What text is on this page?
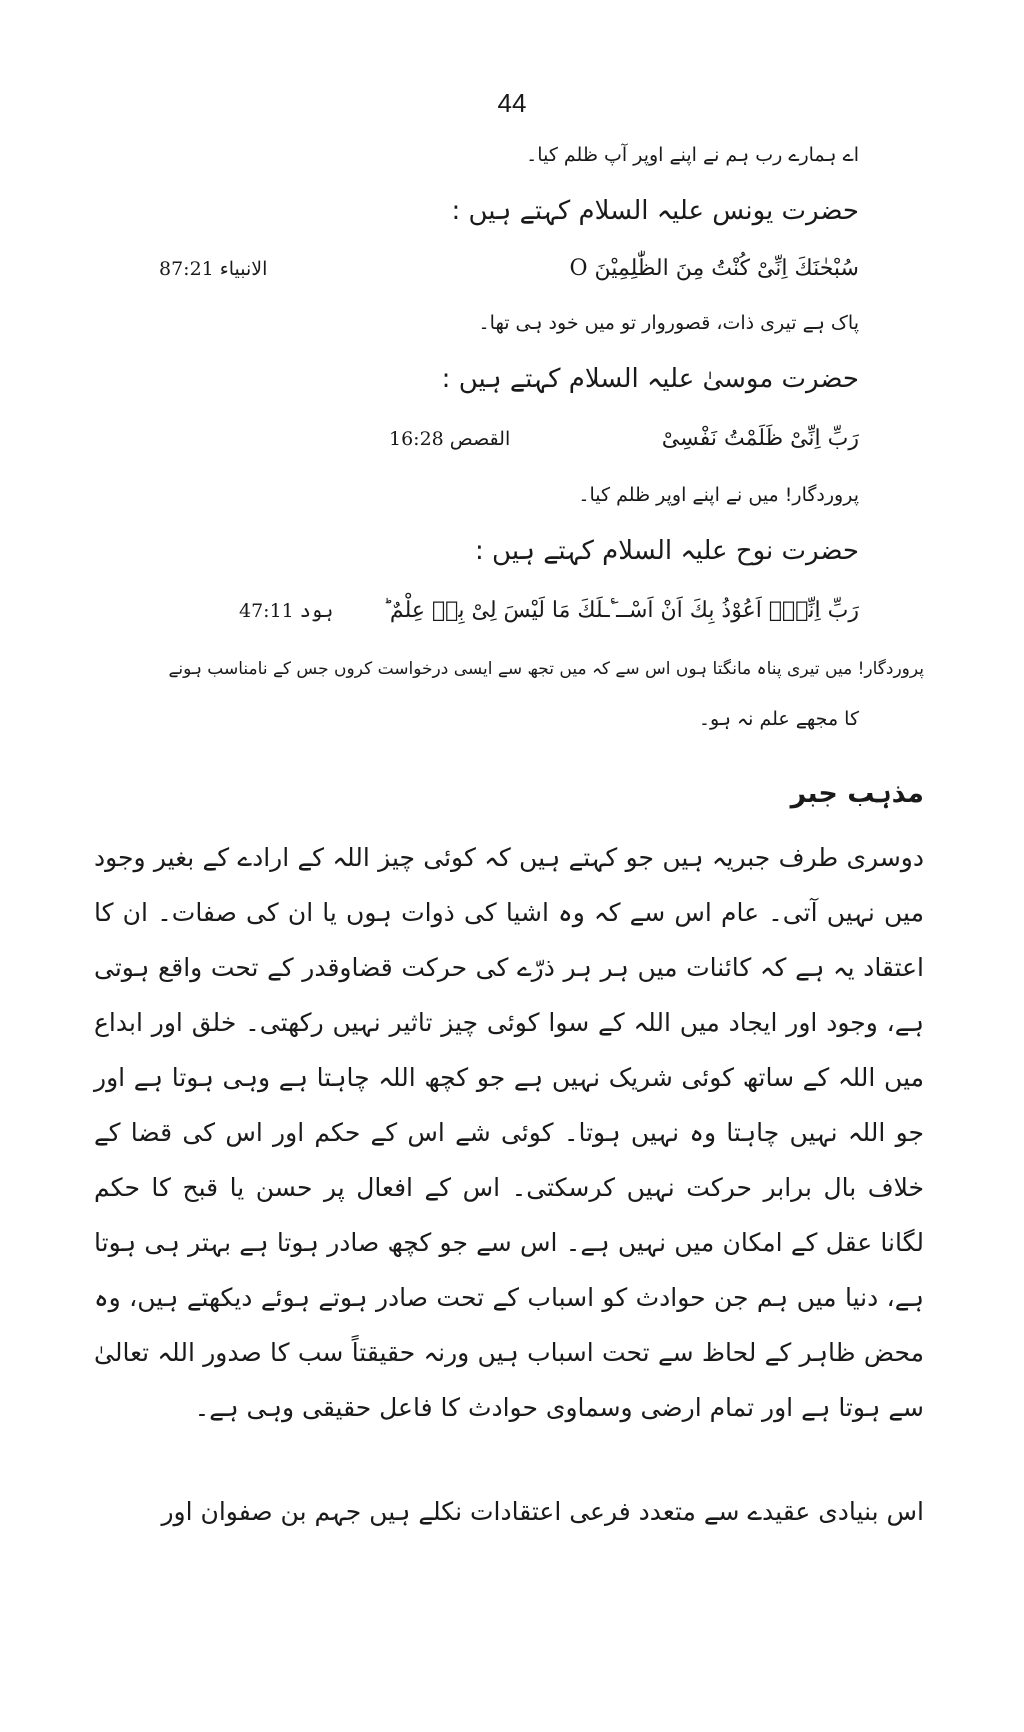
44
اے ہمارے رب ہم نے اپنے اوپر آپ ظلم کیا۔
حضرت یونس علیہ السلام کہتے ہیں :
سُبْحٰنَكَ اِنِّیْ كُنْتُ مِنَ الظّٰلِمِیْنَ O
الانبیاء 87:21
پاک ہے تیری ذات، قصوروار تو میں خود ہی تھا۔
حضرت موسیٰ علیہ السلام کہتے ہیں :
رَبِّ اِنِّیْ ظَلَمْتُ نَفْسِیْ
القصص 16:28
پروردگار! میں نے اپنے اوپر ظلم کیا۔
حضرت نوح علیہ السلام کہتے ہیں :
رَبِّ اِنِّیْۤ اَعُوْذُ بِكَ اَنْ اَسْــٴَـلَكَ مَا لَیْسَ لِیْ بِهٖ عِلْمٌ ؕ
ہود 47:11
پروردگار! میں تیری پناہ مانگتا ہوں اس سے کہ میں تجھ سے ایسی درخواست کروں جس کے نامناسب ہونے
کا مجھے علم نہ ہو۔
مذہب جبر
دوسری طرف جبریہ ہیں جو کہتے ہیں کہ کوئی چیز اللہ کے ارادے کے بغیر وجود میں نہیں آتی۔ عام اس سے کہ وہ اشیا کی ذوات ہوں یا ان کی صفات۔ ان کا اعتقاد یہ ہے کہ کائنات میں ہر ہر ذرّے کی حرکت قضاوقدر کے تحت واقع ہوتی ہے، وجود اور ایجاد میں اللہ کے سوا کوئی چیز تاثیر نہیں رکھتی۔ خلق اور ابداع میں اللہ کے ساتھ کوئی شریک نہیں ہے جو کچھ اللہ چاہتا ہے وہی ہوتا ہے اور جو اللہ نہیں چاہتا وہ نہیں ہوتا۔ کوئی شے اس کے حکم اور اس کی قضا کے خلاف بال برابر حرکت نہیں کرسکتی۔ اس کے افعال پر حسن یا قبح کا حکم لگانا عقل کے امکان میں نہیں ہے۔ اس سے جو کچھ صادر ہوتا ہے بہتر ہی ہوتا ہے، دنیا میں ہم جن حوادث کو اسباب کے تحت صادر ہوتے ہوئے دیکھتے ہیں، وہ محض ظاہر کے لحاظ سے تحت اسباب ہیں ورنہ حقیقتاً سب کا صدور اللہ تعالیٰ سے ہوتا ہے اور تمام ارضی وسماوی حوادث کا فاعل حقیقی وہی ہے۔
اس بنیادی عقیدے سے متعدد فرعی اعتقادات نکلے ہیں جہم بن صفوان اور
